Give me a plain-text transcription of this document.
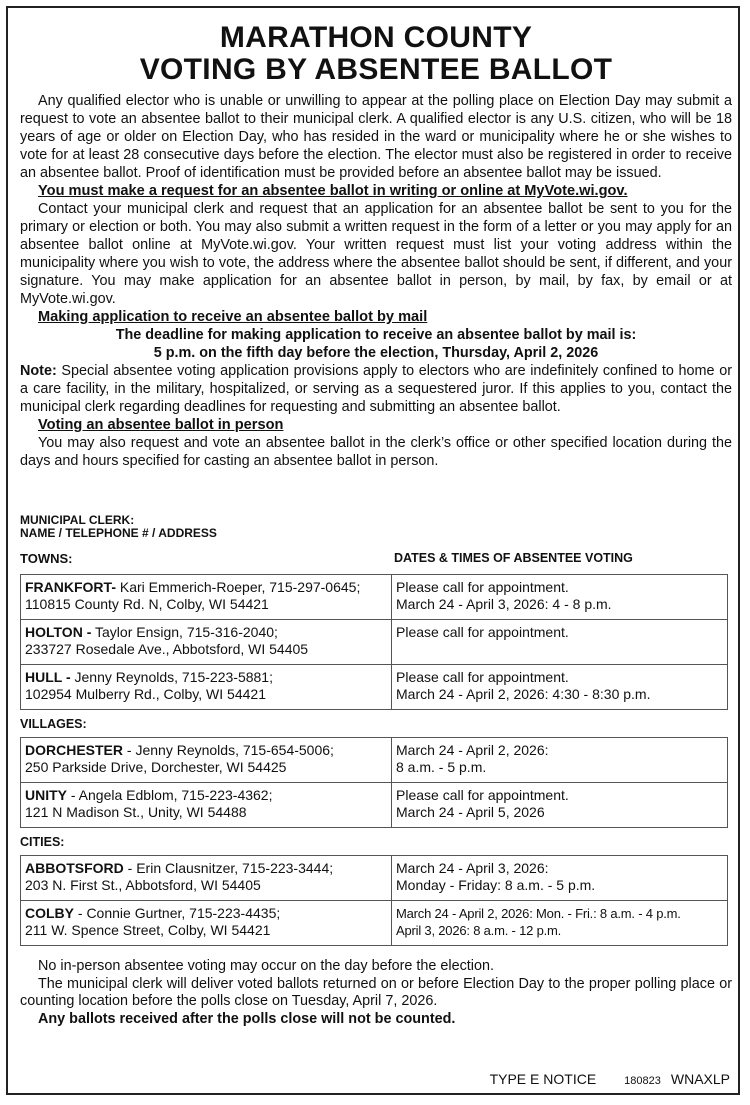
MARATHON COUNTY
VOTING BY ABSENTEE BALLOT

Any qualified elector who is unable or unwilling to appear at the polling place on Election Day may submit a request to vote an absentee ballot to their municipal clerk. A qualified elector is any U.S. citizen, who will be 18 years of age or older on Election Day, who has resided in the ward or municipality where he or she wishes to vote for at least 28 consecutive days before the election. The elector must also be registered in order to receive an absentee ballot. Proof of identification must be provided before an absentee ballot may be issued.

You must make a request for an absentee ballot in writing or online at MyVote.wi.gov.

Contact your municipal clerk and request that an application for an absentee ballot be sent to you for the primary or election or both. You may also submit a written request in the form of a letter or you may apply for an absentee ballot online at MyVote.wi.gov. Your written request must list your voting address within the municipality where you wish to vote, the address where the absentee ballot should be sent, if different, and your signature. You may make application for an absentee ballot in person, by mail, by fax, by email or at MyVote.wi.gov.

Making application to receive an absentee ballot by mail
The deadline for making application to receive an absentee ballot by mail is:
5 p.m. on the fifth day before the election, Thursday, April 2, 2026

Note: Special absentee voting application provisions apply to electors who are indefinitely confined to home or a care facility, in the military, hospitalized, or serving as a sequestered juror. If this applies to you, contact the municipal clerk regarding deadlines for requesting and submitting an absentee ballot.

Voting an absentee ballot in person

You may also request and vote an absentee ballot in the clerk’s office or other specified location during the days and hours specified for casting an absentee ballot in person.

MUNICIPAL CLERK:
NAME / TELEPHONE # / ADDRESS
TOWNS:	DATES & TIMES OF ABSENTEE VOTING
FRANKFORT- Kari Emmerich-Roeper, 715-297-0645;
110815 County Rd. N, Colby, WI 54421	Please call for appointment.
March 24 - April 3, 2026: 4 - 8 p.m.
HOLTON - Taylor Ensign, 715-316-2040;
233727 Rosedale Ave., Abbotsford, WI 54405	Please call for appointment.

HULL - Jenny Reynolds, 715-223-5881;
102954 Mulberry Rd., Colby, WI 54421	Please call for appointment.
March 24 - April 2, 2026: 4:30 - 8:30 p.m.
VILLAGES:
DORCHESTER - Jenny Reynolds, 715-654-5006;
250 Parkside Drive, Dorchester, WI 54425	March 24 - April 2, 2026:
8 a.m. - 5 p.m.
UNITY - Angela Edblom, 715-223-4362;
121 N Madison St., Unity, WI 54488	Please call for appointment.
March 24 - April 5, 2026
CITIES:
ABBOTSFORD - Erin Clausnitzer, 715-223-3444;
203 N. First St., Abbotsford, WI 54405	March 24 - April 3, 2026:
Monday - Friday: 8 a.m. - 5 p.m.
COLBY - Connie Gurtner, 715-223-4435;
211 W. Spence Street, Colby, WI 54421	March 24 - April 2, 2026: Mon. - Fri.: 8 a.m. - 4 p.m.
April 3, 2026: 8 a.m. - 12 p.m.

No in-person absentee voting may occur on the day before the election.

The municipal clerk will deliver voted ballots returned on or before Election Day to the proper polling place or counting location before the polls close on Tuesday, April 7, 2026.

Any ballots received after the polls close will not be counted.

TYPE E NOTICE	180823 WNAXLP
